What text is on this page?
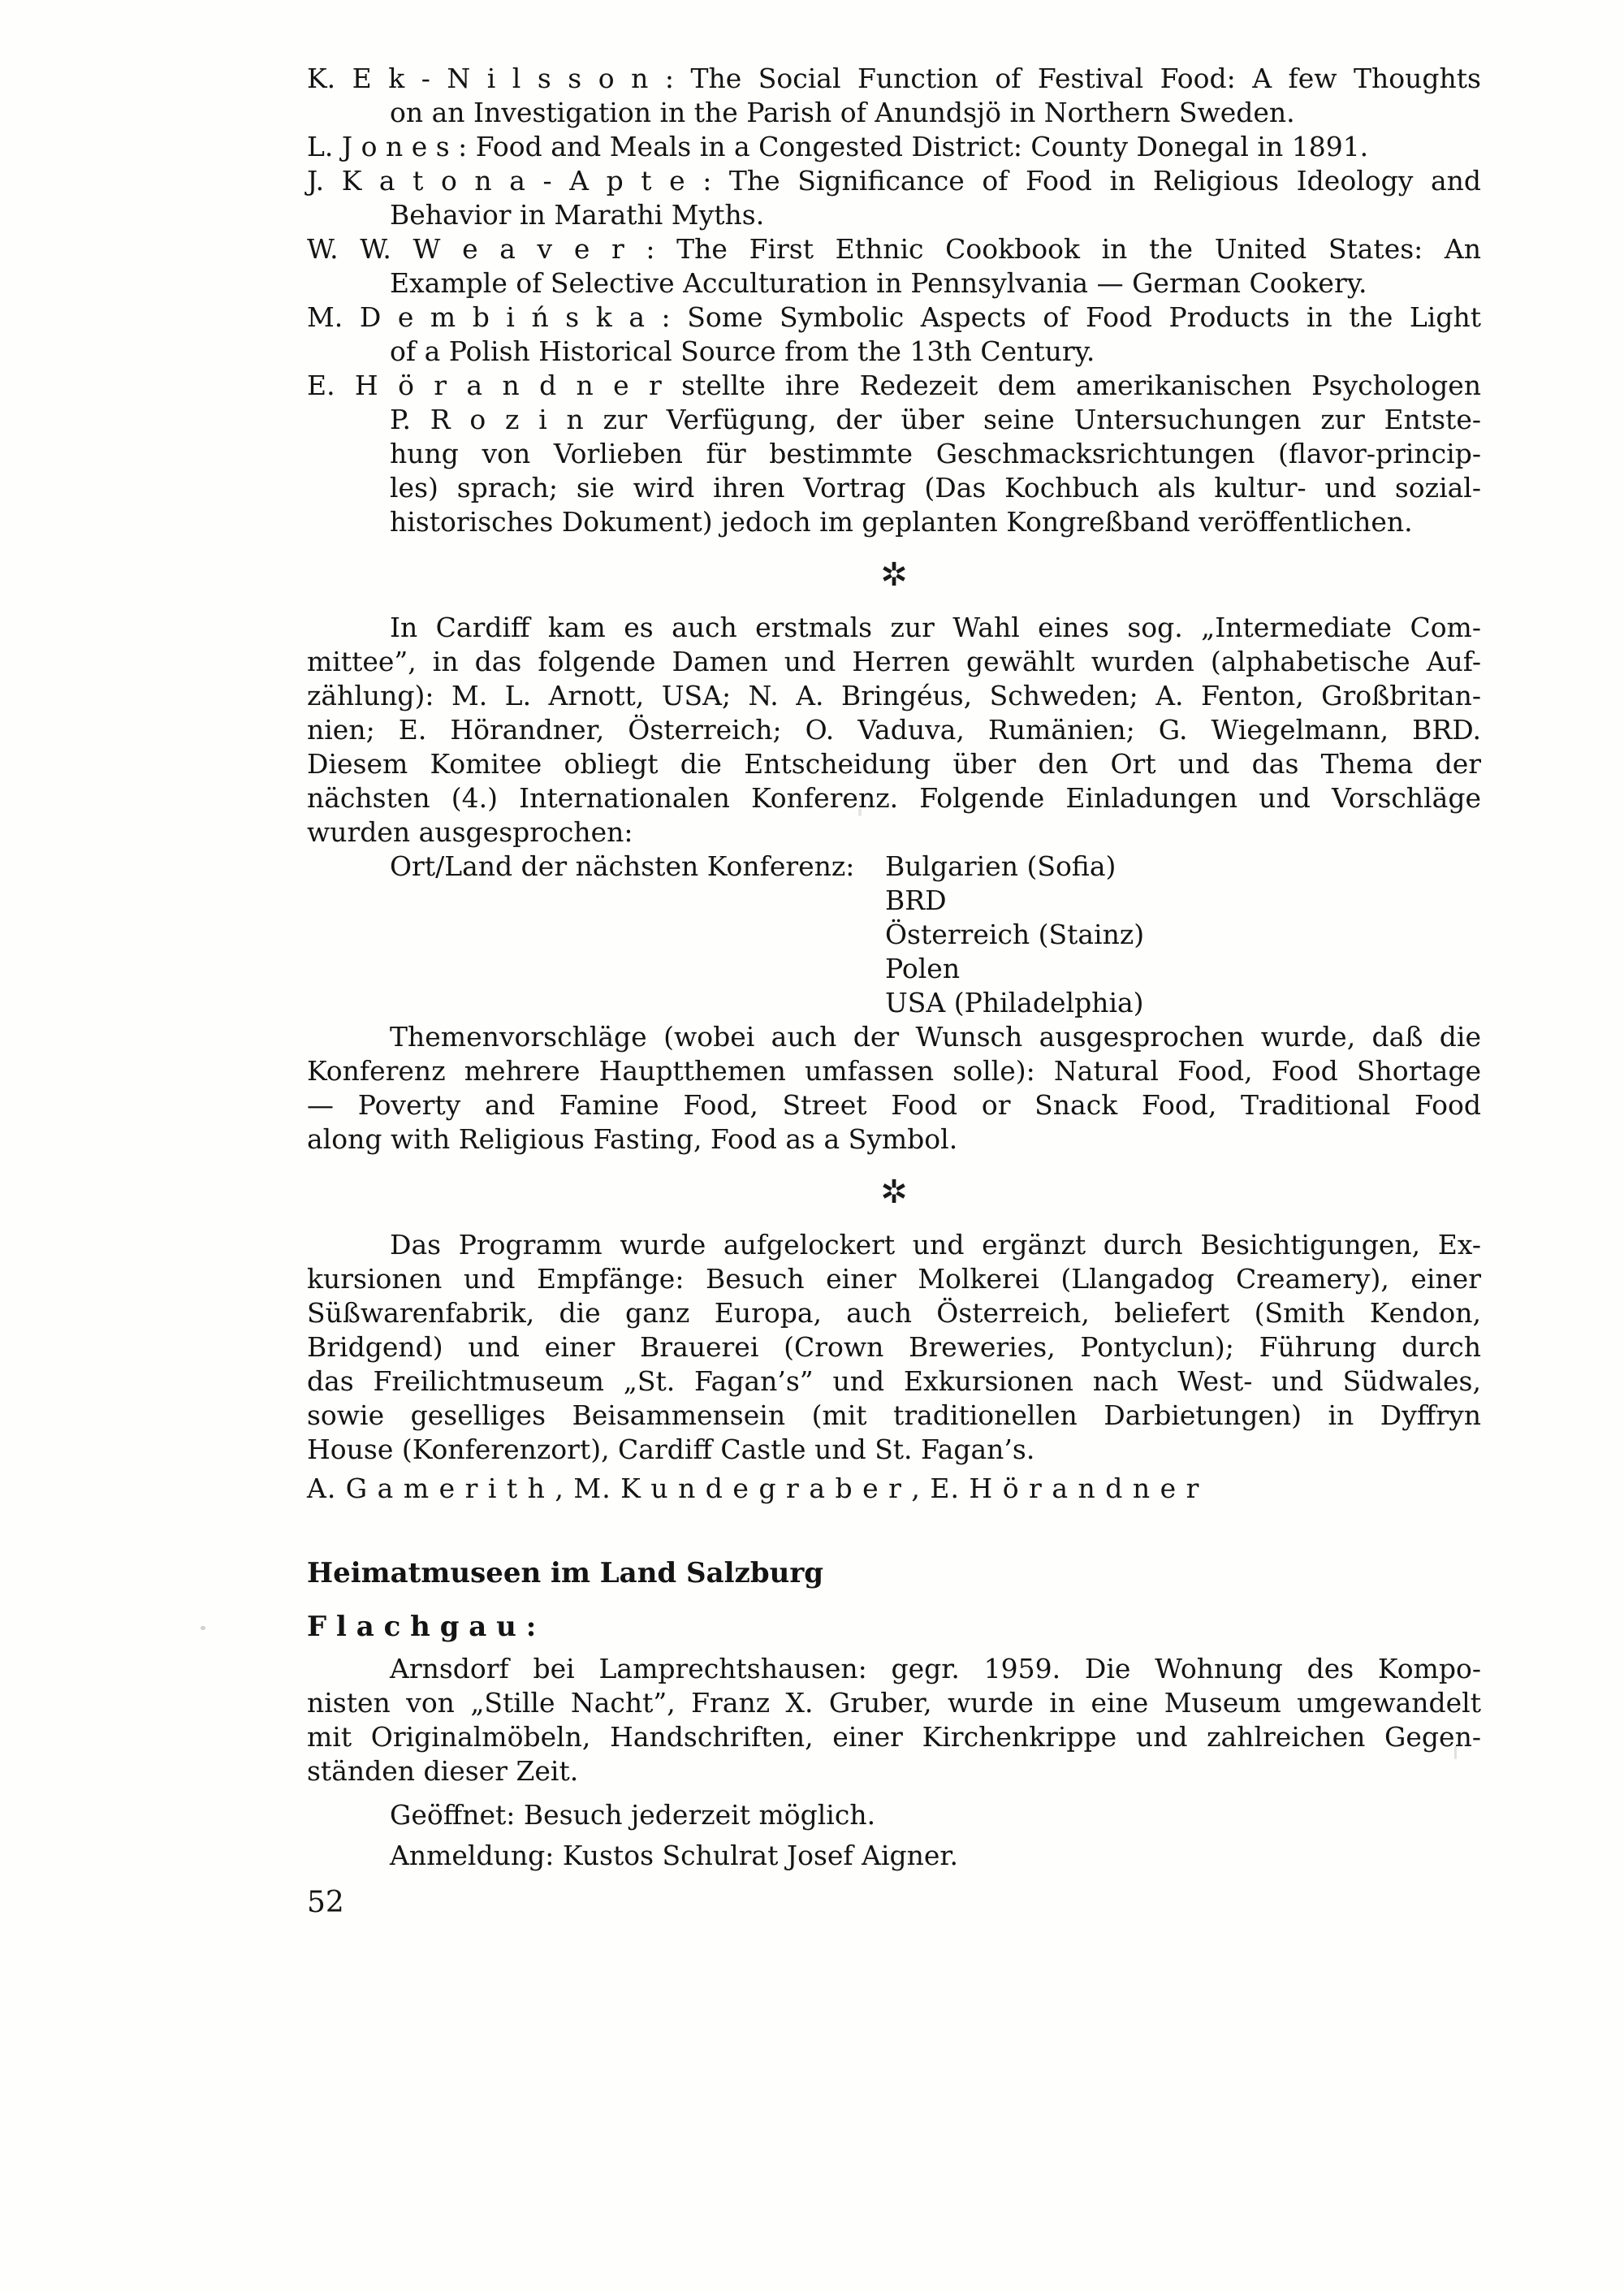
K. E k - N i l s s o n : The Social Function of Festival Food: A few Thoughts
on an Investigation in the Parish of Anundsjö in Northern Sweden.
L. J o n e s : Food and Meals in a Congested District: County Donegal in 1891.
J. K a t o n a - A p t e : The Significance of Food in Religious Ideology and
Behavior in Marathi Myths.
W. W. W e a v e r : The First Ethnic Cookbook in the United States: An
Example of Selective Acculturation in Pennsylvania — German Cookery.
M. D e m b i ń s k a : Some Symbolic Aspects of Food Products in the Light
of a Polish Historical Source from the 13th Century.
E. H ö r a n d n e r stellte ihre Redezeit dem amerikanischen Psychologen
P. R o z i n zur Verfügung, der über seine Untersuchungen zur Entste-
hung von Vorlieben für bestimmte Geschmacksrichtungen (flavor-princip-
les) sprach; sie wird ihren Vortrag (Das Kochbuch als kultur- und sozial-
historisches Dokument) jedoch im geplanten Kongreßband veröffentlichen.
✲
In Cardiff kam es auch erstmals zur Wahl eines sog. „Intermediate Com-
mittee”, in das folgende Damen und Herren gewählt wurden (alphabetische Auf-
zählung): M. L. Arnott, USA; N. A. Bringéus, Schweden; A. Fenton, Großbritan-
nien; E. Hörandner, Österreich; O. Vaduva, Rumänien; G. Wiegelmann, BRD.
Diesem Komitee obliegt die Entscheidung über den Ort und das Thema der
nächsten (4.) Internationalen Konferenz. Folgende Einladungen und Vorschläge
wurden ausgesprochen:
Ort/Land der nächsten Konferenz: Bulgarien (Sofia)
BRD
Österreich (Stainz)
Polen
USA (Philadelphia)
Themenvorschläge (wobei auch der Wunsch ausgesprochen wurde, daß die
Konferenz mehrere Hauptthemen umfassen solle): Natural Food, Food Shortage
— Poverty and Famine Food, Street Food or Snack Food, Traditional Food
along with Religious Fasting, Food as a Symbol.
✲
Das Programm wurde aufgelockert und ergänzt durch Besichtigungen, Ex-
kursionen und Empfänge: Besuch einer Molkerei (Llangadog Creamery), einer
Süßwarenfabrik, die ganz Europa, auch Österreich, beliefert (Smith Kendon,
Bridgend) und einer Brauerei (Crown Breweries, Pontyclun); Führung durch
das Freilichtmuseum „St. Fagan’s” und Exkursionen nach West- und Südwales,
sowie geselliges Beisammensein (mit traditionellen Darbietungen) in Dyffryn
House (Konferenzort), Cardiff Castle und St. Fagan’s.
A. G a m e r i t h , M. K u n d e g r a b e r , E. H ö r a n d n e r
Heimatmuseen im Land Salzburg
F l a c h g a u :
Arnsdorf bei Lamprechtshausen: gegr. 1959. Die Wohnung des Kompo-
nisten von „Stille Nacht”, Franz X. Gruber, wurde in eine Museum umgewandelt
mit Originalmöbeln, Handschriften, einer Kirchenkrippe und zahlreichen Gegen-
ständen dieser Zeit.
Geöffnet: Besuch jederzeit möglich.
Anmeldung: Kustos Schulrat Josef Aigner.
52
